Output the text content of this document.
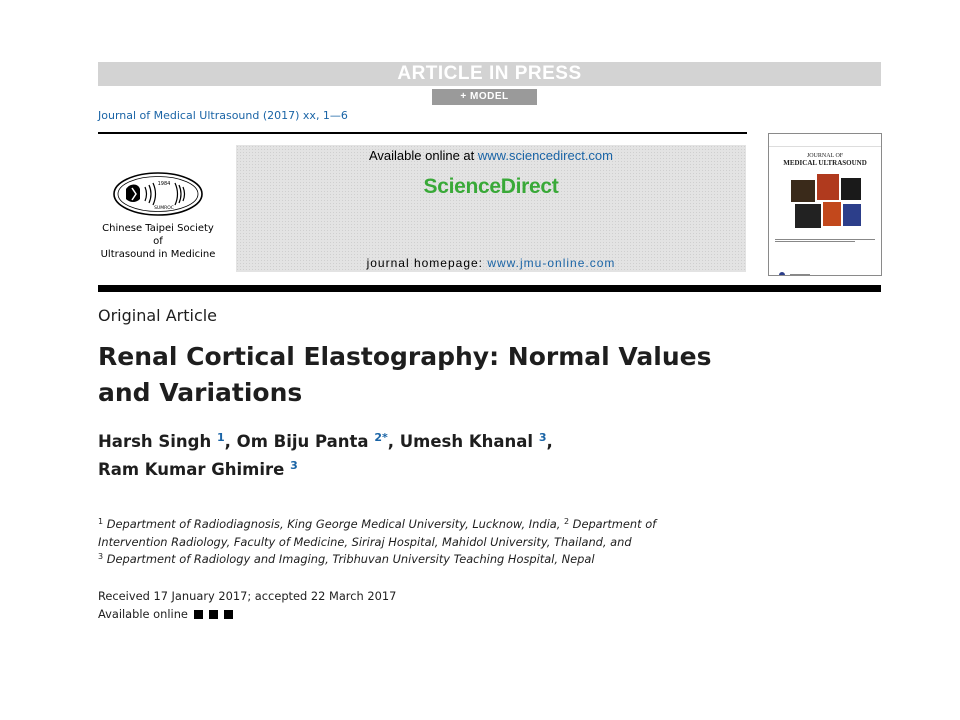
ARTICLE IN PRESS
+ MODEL
Journal of Medical Ultrasound (2017) xx, 1—6
1984
SUMROC
Chinese Taipei Society of
Ultrasound in Medicine
Available online at www.sciencedirect.com
ScienceDirect
journal homepage: www.jmu-online.com
JOURNAL OF
MEDICAL ULTRASOUND

Original Article
Renal Cortical Elastography: Normal Values
and Variations
Harsh Singh $^1$, Om Biju Panta $^{2*}$, Umesh Khanal $^3$,
Ram Kumar Ghimire $^3$
$^1$ Department of Radiodiagnosis, King George Medical University, Lucknow, India, $^2$ Department of
Intervention Radiology, Faculty of Medicine, Siriraj Hospital, Mahidol University, Thailand, and
$^3$ Department of Radiology and Imaging, Tribhuvan University Teaching Hospital, Nepal
Received 17 January 2017; accepted 22 March 2017
Available online
